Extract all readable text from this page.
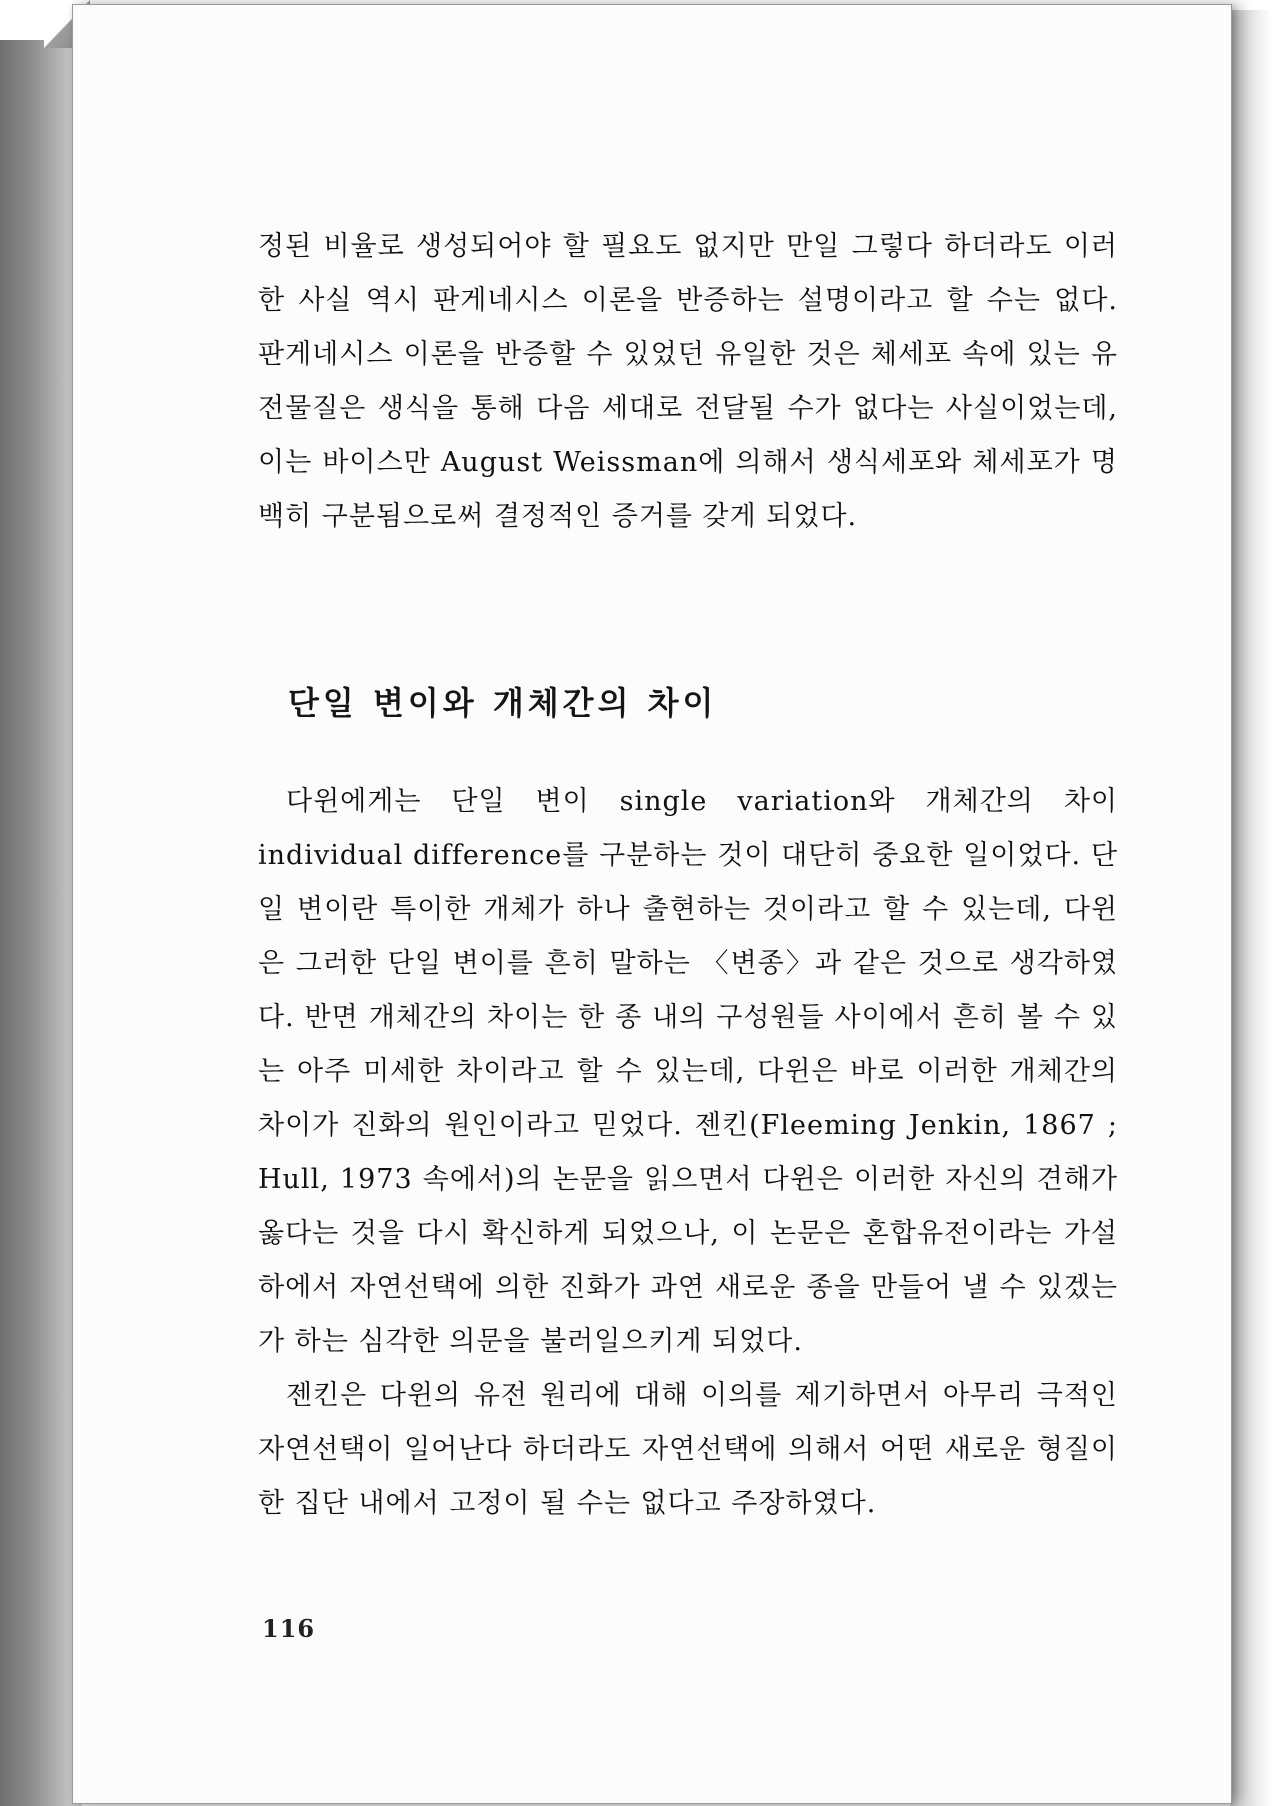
정된 비율로 생성되어야 할 필요도 없지만 만일 그렇다 하더라도 이러한 사실 역시 판게네시스 이론을 반증하는 설명이라고 할 수는 없다. 판게네시스 이론을 반증할 수 있었던 유일한 것은 체세포 속에 있는 유전물질은 생식을 통해 다음 세대로 전달될 수가 없다는 사실이었는데, 이는 바이스만 August Weissman에 의해서 생식세포와 체세포가 명백히 구분됨으로써 결정적인 증거를 갖게 되었다.

단일 변이와 개체간의 차이

다윈에게는 단일 변이 single variation와 개체간의 차이 individual difference를 구분하는 것이 대단히 중요한 일이었다. 단일 변이란 특이한 개체가 하나 출현하는 것이라고 할 수 있는데, 다윈은 그러한 단일 변이를 흔히 말하는 〈변종〉과 같은 것으로 생각하였다. 반면 개체간의 차이는 한 종 내의 구성원들 사이에서 흔히 볼 수 있는 아주 미세한 차이라고 할 수 있는데, 다윈은 바로 이러한 개체간의 차이가 진화의 원인이라고 믿었다. 젠킨(Fleeming Jenkin, 1867 ; Hull, 1973 속에서)의 논문을 읽으면서 다윈은 이러한 자신의 견해가 옳다는 것을 다시 확신하게 되었으나, 이 논문은 혼합유전이라는 가설 하에서 자연선택에 의한 진화가 과연 새로운 종을 만들어 낼 수 있겠는가 하는 심각한 의문을 불러일으키게 되었다.

젠킨은 다윈의 유전 원리에 대해 이의를 제기하면서 아무리 극적인 자연선택이 일어난다 하더라도 자연선택에 의해서 어떤 새로운 형질이 한 집단 내에서 고정이 될 수는 없다고 주장하였다.

116
